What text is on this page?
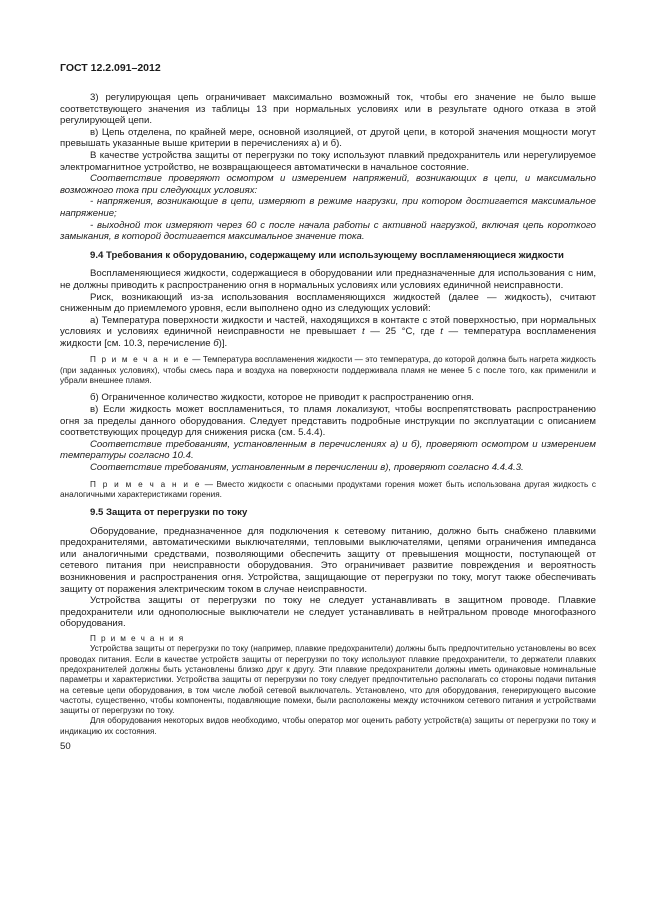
ГОСТ 12.2.091–2012

3) регулирующая цепь ограничивает максимально возможный ток, чтобы его значение не было выше соответствующего значения из таблицы 13 при нормальных условиях или в результате одного отказа в этой регулирующей цепи.

в) Цепь отделена, по крайней мере, основной изоляцией, от другой цепи, в которой значения мощности могут превышать указанные выше критерии в перечислениях а) и б).

В качестве устройства защиты от перегрузки по току используют плавкий предохранитель или нерегулируемое электромагнитное устройство, не возвращающееся автоматически в начальное состояние.

Соответствие проверяют осмотром и измерением напряжений, возникающих в цепи, и максимально возможного тока при следующих условиях:

- напряжения, возникающие в цепи, измеряют в режиме нагрузки, при котором достигается максимальное напряжение;

- выходной ток измеряют через 60 с после начала работы с активной нагрузкой, включая цепь короткого замыкания, в которой достигается максимальное значение тока.

9.4 Требования к оборудованию, содержащему или использующему воспламеняющиеся жидкости

Воспламеняющиеся жидкости, содержащиеся в оборудовании или предназначенные для использования с ним, не должны приводить к распространению огня в нормальных условиях или условиях единичной неисправности.

Риск, возникающий из-за использования воспламеняющихся жидкостей (далее — жидкость), считают сниженным до приемлемого уровня, если выполнено одно из следующих условий:

а) Температура поверхности жидкости и частей, находящихся в контакте с этой поверхностью, при нормальных условиях и условиях единичной неисправности не превышает t — 25 °С, где t — температура воспламенения жидкости [см. 10.3, перечисление б)].

П р и м е ч а н и е — Температура воспламенения жидкости — это температура, до которой должна быть нагрета жидкость (при заданных условиях), чтобы смесь пара и воздуха на поверхности поддерживала пламя не менее 5 с после того, как применили и убрали внешнее пламя.

б) Ограниченное количество жидкости, которое не приводит к распространению огня.

в) Если жидкость может воспламениться, то пламя локализуют, чтобы воспрепятствовать распространению огня за пределы данного оборудования. Следует представить подробные инструкции по эксплуатации с описанием соответствующих процедур для снижения риска (см. 5.4.4).

Соответствие требованиям, установленным в перечислениях а) и б), проверяют осмотром и измерением температуры согласно 10.4.

Соответствие требованиям, установленным в перечислении в), проверяют согласно 4.4.4.3.

П р и м е ч а н и е — Вместо жидкости с опасными продуктами горения может быть использована другая жидкость с аналогичными характеристиками горения.

9.5 Защита от перегрузки по току

Оборудование, предназначенное для подключения к сетевому питанию, должно быть снабжено плавкими предохранителями, автоматическими выключателями, тепловыми выключателями, цепями ограничения импеданса или аналогичными средствами, позволяющими обеспечить защиту от превышения мощности, поступающей от сетевого питания при неисправности оборудования. Это ограничивает развитие повреждения и вероятность возникновения и распространения огня. Устройства, защищающие от перегрузки по току, могут также обеспечивать защиту от поражения электрическим током в случае неисправности.

Устройства защиты от перегрузки по току не следует устанавливать в защитном проводе. Плавкие предохранители или однополюсные выключатели не следует устанавливать в нейтральном проводе многофазного оборудования.

П р и м е ч а н и я

Устройства защиты от перегрузки по току (например, плавкие предохранители) должны быть предпочтительно установлены во всех проводах питания. Если в качестве устройств защиты от перегрузки по току используют плавкие предохранители, то держатели плавких предохранителей должны быть установлены близко друг к другу. Эти плавкие предохранители должны иметь одинаковые номинальные параметры и характеристики. Устройства защиты от перегрузки по току следует предпочтительно располагать со стороны подачи питания на сетевые цепи оборудования, в том числе любой сетевой выключатель. Установлено, что для оборудования, генерирующего высокие частоты, существенно, чтобы компоненты, подавляющие помехи, были расположены между источником сетевого питания и устройствами защиты от перегрузки по току.

Для оборудования некоторых видов необходимо, чтобы оператор мог оценить работу устройств(а) защиты от перегрузки по току и индикацию их состояния.

50
